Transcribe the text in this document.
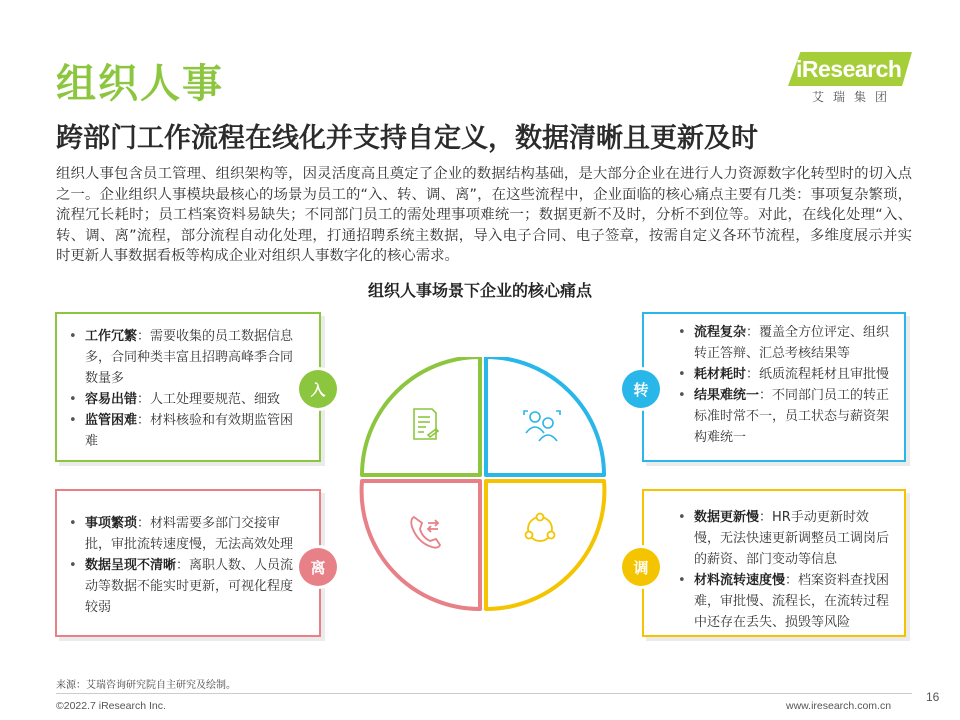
组织人事
跨部门工作流程在线化并支持自定义，数据清晰且更新及时
iResearch
艾瑞集团
组织人事包含员工管理、组织架构等，因灵活度高且奠定了企业的数据结构基础，是大部分企业在进行人力资源数字化转型时的切入点之一。企业组织人事模块最核心的场景为员工的“入、转、调、离”，在这些流程中，企业面临的核心痛点主要有几类：事项复杂繁琐，流程冗长耗时；员工档案资料易缺失；不同部门员工的需处理事项难统一；数据更新不及时，分析不到位等。对此，在线化处理“入、转、调、离”流程，部分流程自动化处理，打通招聘系统主数据，导入电子合同、电子签章，按需自定义各环节流程，多维度展示并实时更新人事数据看板等构成企业对组织人事数字化的核心需求。
组织人事场景下企业的核心痛点
• 工作冗繁：需要收集的员工数据信息多，合同种类丰富且招聘高峰季合同数量多
• 容易出错：人工处理要规范、细致
• 监管困难：材料核验和有效期监管困难
• 流程复杂：覆盖全方位评定、组织转正答辩、汇总考核结果等
• 耗材耗时：纸质流程耗材且审批慢
• 结果难统一：不同部门员工的转正标准时常不一，员工状态与薪资架构难统一
• 事项繁琐：材料需要多部门交接审批，审批流转速度慢，无法高效处理
• 数据呈现不清晰：离职人数、人员流动等数据不能实时更新，可视化程度较弱
• 数据更新慢：HR手动更新时效慢，无法快速更新调整员工调岗后的薪资、部门变动等信息
• 材料流转速度慢：档案资料查找困难，审批慢、流程长，在流转过程中还存在丢失、损毁等风险
入	转
离	调
来源：艾瑞咨询研究院自主研究及绘制。
©2022.7 iResearch Inc.	www.iresearch.com.cn
16
